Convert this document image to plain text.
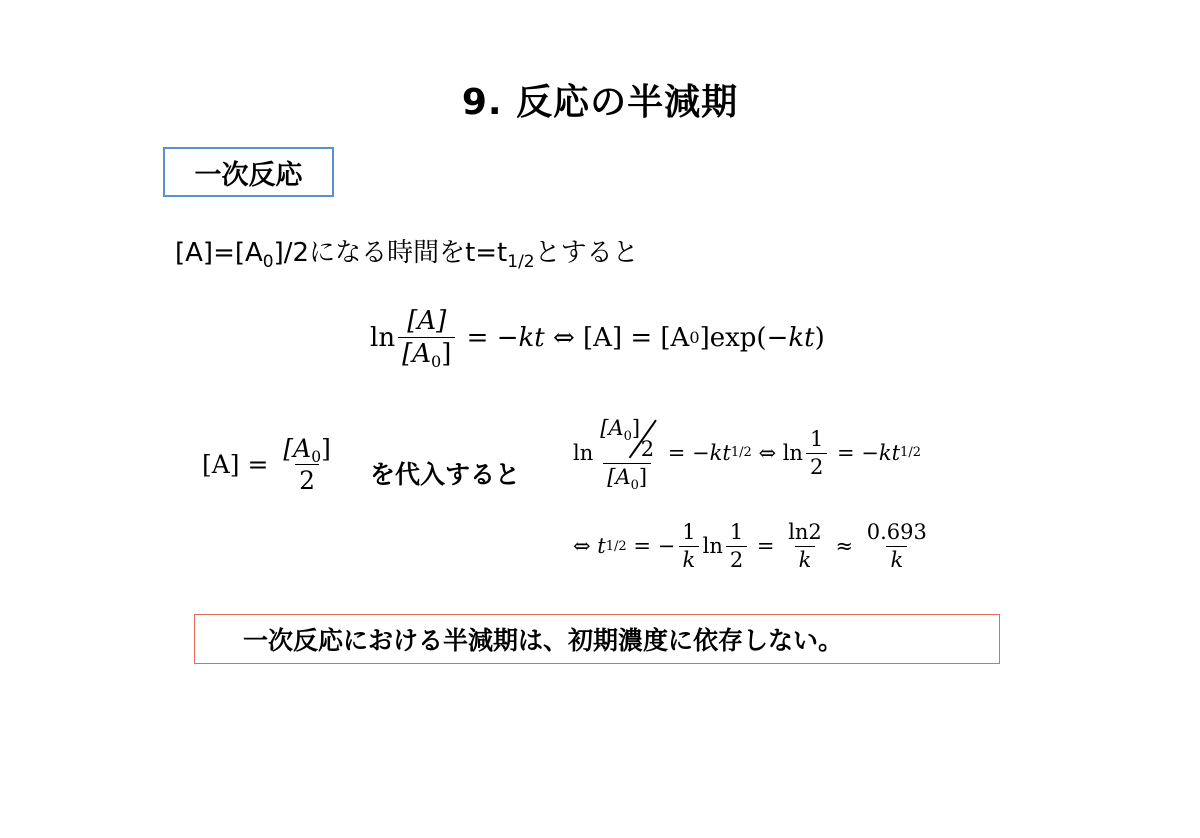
9. 反応の半減期
一次反応
$[A]=[A_0]/2$になる時間を$t=t_{1/2}$とすると
$\ln \frac{[A]}{[A0]}$ = − kt ⇔ [A] = [A 0 ]exp(− kt )
$[A] = \frac{[A_0]}{2}$ を代入すると
$\ln [A_0]$
2
$[A_0]$ = − kt 1/2 ⇔ $\ln \frac{1}{2}$ = − kt 1/2
⇔ t 1/2 = − $\frac{1}{k}$ $\ln \frac{1}{2} = \frac{\ln 2}{k} \approx \frac{0.693}{k}$
一次反応における半減期は、初期濃度に依存しない。
